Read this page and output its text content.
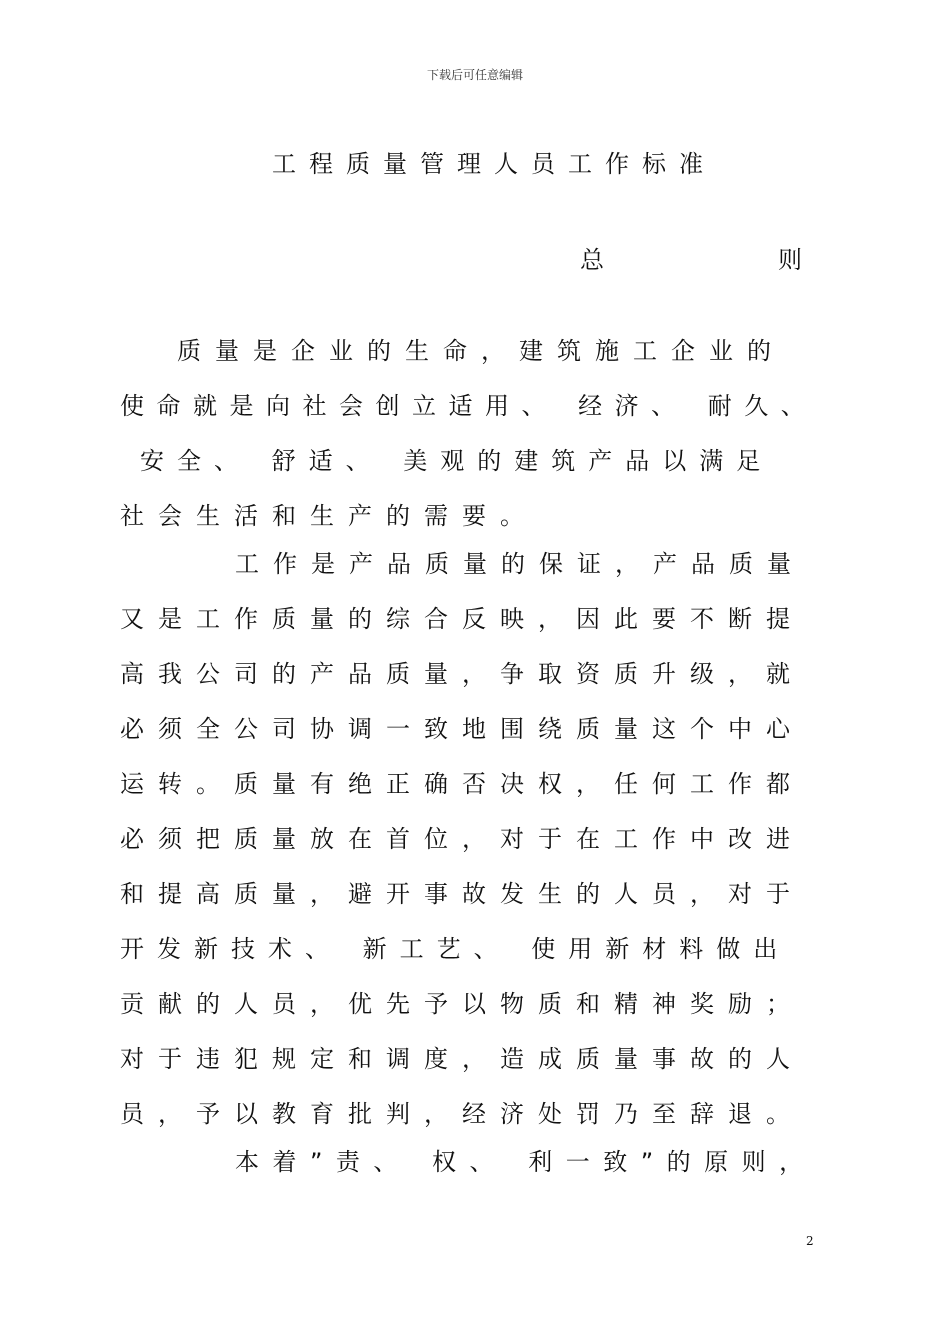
下载后可任意编辑
工程质量管理人员工作标准
总	则
质量是企业的生命，建筑施工企业的
使命就是向社会创立适用、 经济、 耐久、
安全、 舒适、 美观的建筑产品以满足
社会生活和生产的需要。
工作是产品质量的保证，产品质量
又是工作质量的综合反映，因此要不断提
高我公司的产品质量，争取资质升级，就
必须全公司协调一致地围绕质量这个中心
运转。质量有绝正确否决权，任何工作都
必须把质量放在首位，对于在工作中改进
和提高质量，避开事故发生的人员，对于
开发新技术、 新工艺、 使用新材料做出
贡献的人员，优先予以物质和精神奖励；
对于违犯规定和调度，造成质量事故的人
员，予以教育批判，经济处罚乃至辞退。
本着”责、 权、 利一致”的原则，
2
